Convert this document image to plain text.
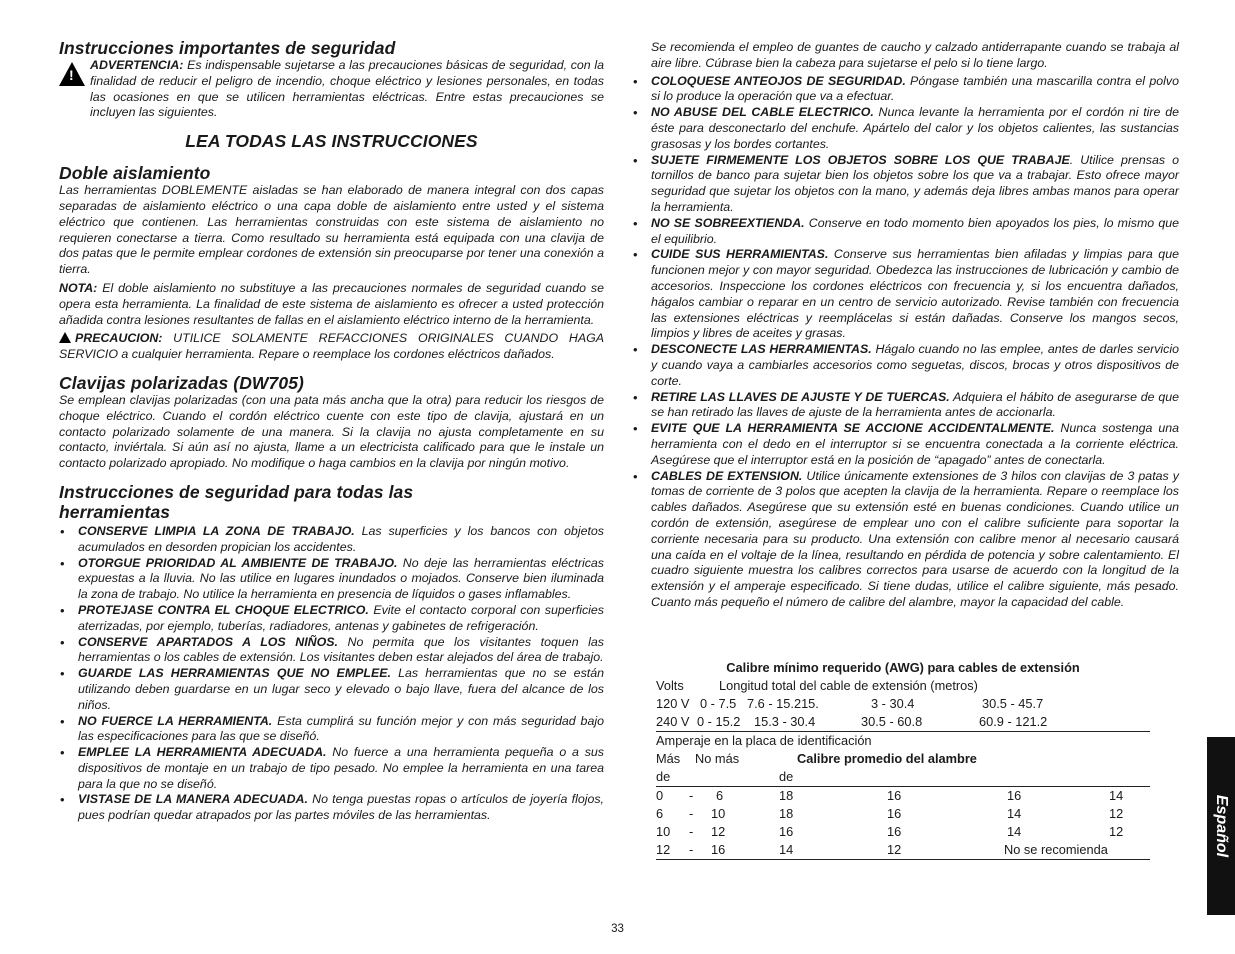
Instrucciones importantes de seguridad
!
ADVERTENCIA: Es indispensable sujetarse a las precauciones básicas de seguridad, con la finalidad de reducir el peligro de incendio, choque eléctrico y lesiones personales, en todas las ocasiones en que se utilicen herramientas eléctricas. Entre estas precauciones se incluyen las siguientes.
LEA TODAS LAS INSTRUCCIONES
Doble aislamiento

Las herramientas DOBLEMENTE aisladas se han elaborado de manera integral con dos capas separadas de aislamiento eléctrico o una capa doble de aislamiento entre usted y el sistema eléctrico que contienen. Las herramientas construidas con este sistema de aislamiento no requieren conectarse a tierra. Como resultado su herramienta está equipada con una clavija de dos patas que le permite emplear cordones de extensión sin preocuparse por tener una conexión a tierra.

NOTA: El doble aislamiento no substituye a las precauciones normales de seguridad cuando se opera esta herramienta. La finalidad de este sistema de aislamiento es ofrecer a usted protección añadida contra lesiones resultantes de fallas en el aislamiento eléctrico interno de la herramienta.

PRECAUCION: UTILICE SOLAMENTE REFACCIONES ORIGINALES CUANDO HAGA SERVICIO a cualquier herramienta. Repare o reemplace los cordones eléctricos dañados.

Clavijas polarizadas (DW705)

Se emplean clavijas polarizadas (con una pata más ancha que la otra) para reducir los riesgos de choque eléctrico. Cuando el cordón eléctrico cuente con este tipo de clavija, ajustará en un contacto polarizado solamente de una manera. Si la clavija no ajusta completamente en su contacto, inviértala. Si aún así no ajusta, llame a un electricista calificado para que le instale un contacto polarizado apropiado. No modifique o haga cambios en la clavija por ningún motivo.

Instrucciones de seguridad para todas las herramientas
• CONSERVE LIMPIA LA ZONA DE TRABAJO. Las superficies y los bancos con objetos acumulados en desorden propician los accidentes.
• OTORGUE PRIORIDAD AL AMBIENTE DE TRABAJO. No deje las herramientas eléctricas expuestas a la lluvia. No las utilice en lugares inundados o mojados. Conserve bien iluminada la zona de trabajo. No utilice la herramienta en presencia de líquidos o gases inflamables.
• PROTEJASE CONTRA EL CHOQUE ELECTRICO. Evite el contacto corporal con superficies aterrizadas, por ejemplo, tuberías, radiadores, antenas y gabinetes de refrigeración.
• CONSERVE APARTADOS A LOS NIÑOS. No permita que los visitantes toquen las herramientas o los cables de extensión. Los visitantes deben estar alejados del área de trabajo.
• GUARDE LAS HERRAMIENTAS QUE NO EMPLEE. Las herramientas que no se están utilizando deben guardarse en un lugar seco y elevado o bajo llave, fuera del alcance de los niños.
• NO FUERCE LA HERRAMIENTA. Esta cumplirá su función mejor y con más seguridad bajo las especificaciones para las que se diseñó.
• EMPLEE LA HERRAMIENTA ADECUADA. No fuerce a una herramienta pequeña o a sus dispositivos de montaje en un trabajo de tipo pesado. No emplee la herramienta en una tarea para la que no se diseñó.
• VISTASE DE LA MANERA ADECUADA. No tenga puestas ropas o artículos de joyería flojos, pues podrían quedar atrapados por las partes móviles de las herramientas.

Se recomienda el empleo de guantes de caucho y calzado antiderrapante cuando se trabaja al aire libre. Cúbrase bien la cabeza para sujetarse el pelo si lo tiene largo.

• COLOQUESE ANTEOJOS DE SEGURIDAD. Póngase también una mascarilla contra el polvo si lo produce la operación que va a efectuar.
• NO ABUSE DEL CABLE ELECTRICO. Nunca levante la herramienta por el cordón ni tire de éste para desconectarlo del enchufe. Apártelo del calor y los objetos calientes, las sustancias grasosas y los bordes cortantes.
• SUJETE FIRMEMENTE LOS OBJETOS SOBRE LOS QUE TRABAJE. Utilice prensas o tornillos de banco para sujetar bien los objetos sobre los que va a trabajar. Esto ofrece mayor seguridad que sujetar los objetos con la mano, y además deja libres ambas manos para operar la herramienta.
• NO SE SOBREEXTIENDA. Conserve en todo momento bien apoyados los pies, lo mismo que el equilibrio.
• CUIDE SUS HERRAMIENTAS. Conserve sus herramientas bien afiladas y limpias para que funcionen mejor y con mayor seguridad. Obedezca las instrucciones de lubricación y cambio de accesorios. Inspeccione los cordones eléctricos con frecuencia y, si los encuentra dañados, hágalos cambiar o reparar en un centro de servicio autorizado. Revise también con frecuencia las extensiones eléctricas y reemplácelas si están dañadas. Conserve los mangos secos, limpios y libres de aceites y grasas.
• DESCONECTE LAS HERRAMIENTAS. Hágalo cuando no las emplee, antes de darles servicio y cuando vaya a cambiarles accesorios como seguetas, discos, brocas y otros dispositivos de corte.
• RETIRE LAS LLAVES DE AJUSTE Y DE TUERCAS. Adquiera el hábito de asegurarse de que se han retirado las llaves de ajuste de la herramienta antes de accionarla.
• EVITE QUE LA HERRAMIENTA SE ACCIONE ACCIDENTALMENTE. Nunca sostenga una herramienta con el dedo en el interruptor si se encuentra conectada a la corriente eléctrica. Asegúrese que el interruptor está en la posición de “apagado” antes de conectarla.
• CABLES DE EXTENSION. Utilice únicamente extensiones de 3 hilos con clavijas de 3 patas y tomas de corriente de 3 polos que acepten la clavija de la herramienta. Repare o reemplace los cables dañados. Asegúrese que su extensión esté en buenas condiciones. Cuando utilice un cordón de extensión, asegúrese de emplear uno con el calibre suficiente para soportar la corriente necesaria para su producto. Una extensión con calibre menor al necesario causará una caída en el voltaje de la línea, resultando en pérdida de potencia y sobre calentamiento. El cuadro siguiente muestra los calibres correctos para usarse de acuerdo con la longitud de la extensión y el amperaje especificado. Si tiene dudas, utilice el calibre siguiente, más pesado. Cuanto más pequeño el número de calibre del alambre, mayor la capacidad del cable.
Calibre mínimo requerido (AWG) para cables de extensión
Volts	Longitud total del cable de extensión (metros)
120 V 0 - 7.5 7.6 - 15.215.	3 - 30.4	30.5 - 45.7
240 V 0 - 15.2 15.3 - 30.4	30.5 - 60.8	60.9 - 121.2
Amperaje en la placa de identificación
Más No más	Calibre promedio del alambre
de	de
0 - 6	18	16	16	14
6 - 10	18	16	14	12
10 - 12	16	16	14	12
12 - 16	14	12	No se recomienda	Español
33
